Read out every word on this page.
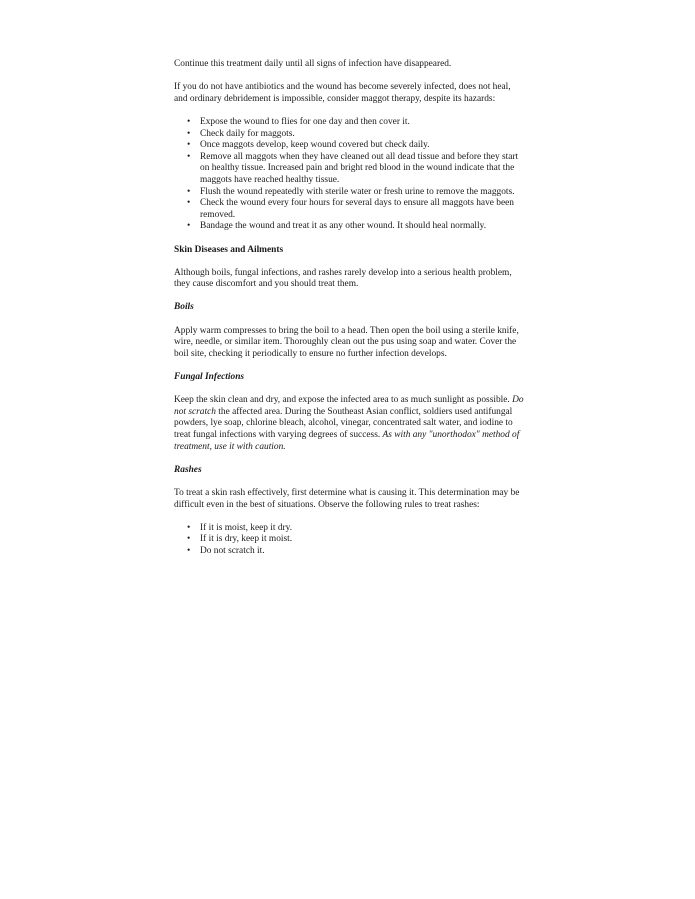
Continue this treatment daily until all signs of infection have disappeared.

If you do not have antibiotics and the wound has become severely infected, does not heal, and ordinary debridement is impossible, consider maggot therapy, despite its hazards:

• Expose the wound to flies for one day and then cover it.
• Check daily for maggots.
• Once maggots develop, keep wound covered but check daily.
• Remove all maggots when they have cleaned out all dead tissue and before they start on healthy tissue. Increased pain and bright red blood in the wound indicate that the maggots have reached healthy tissue.
• Flush the wound repeatedly with sterile water or fresh urine to remove the maggots.
• Check the wound every four hours for several days to ensure all maggots have been removed.
• Bandage the wound and treat it as any other wound. It should heal normally.
Skin Diseases and Ailments

Although boils, fungal infections, and rashes rarely develop into a serious health problem, they cause discomfort and you should treat them.

Boils

Apply warm compresses to bring the boil to a head. Then open the boil using a sterile knife, wire, needle, or similar item. Thoroughly clean out the pus using soap and water. Cover the boil site, checking it periodically to ensure no further infection develops.

Fungal Infections

Keep the skin clean and dry, and expose the infected area to as much sunlight as possible. Do not scratch the affected area. During the Southeast Asian conflict, soldiers used antifungal powders, lye soap, chlorine bleach, alcohol, vinegar, concentrated salt water, and iodine to treat fungal infections with varying degrees of success. As with any "unorthodox" method of treatment, use it with caution.

Rashes

To treat a skin rash effectively, first determine what is causing it. This determination may be difficult even in the best of situations. Observe the following rules to treat rashes:

• If it is moist, keep it dry.
• If it is dry, keep it moist.
• Do not scratch it.
